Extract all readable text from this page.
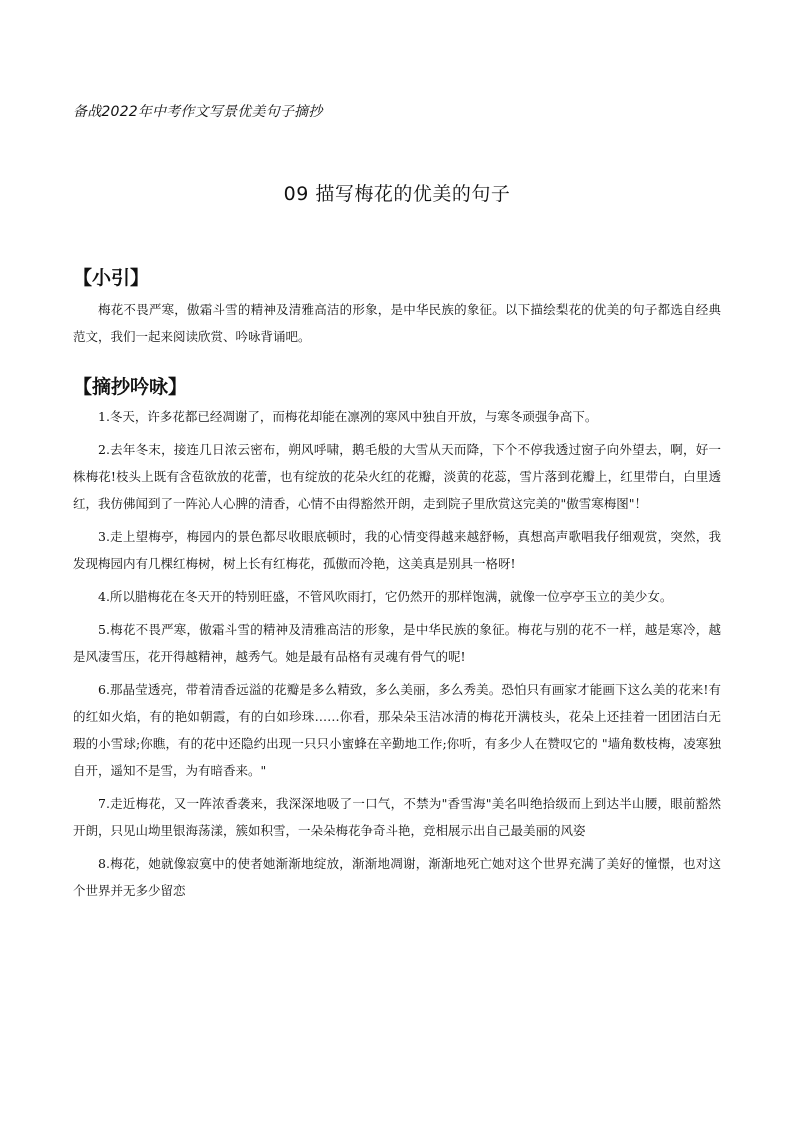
备战2022年中考作文写景优美句子摘抄
09 描写梅花的优美的句子
【小引】

梅花不畏严寒，傲霜斗雪的精神及清雅高洁的形象，是中华民族的象征。以下描绘梨花的优美的句子都选自经典范文，我们一起来阅读欣赏、吟咏背诵吧。

【摘抄吟咏】
1.冬天，许多花都已经凋谢了，而梅花却能在凛冽的寒风中独自开放，与寒冬顽强争高下。
2.去年冬末，接连几日浓云密布，朔风呼啸，鹅毛般的大雪从天而降，下个不停我透过窗子向外望去，啊，好一株梅花!枝头上既有含苞欲放的花蕾，也有绽放的花朵火红的花瓣，淡黄的花蕊，雪片落到花瓣上，红里带白，白里透红，我仿佛闻到了一阵沁人心脾的清香，心情不由得豁然开朗，走到院子里欣赏这完美的"傲雪寒梅图"！
3.走上望梅亭，梅园内的景色都尽收眼底顿时，我的心情变得越来越舒畅，真想高声歌唱我仔细观赏，突然，我发现梅园内有几棵红梅树，树上长有红梅花，孤傲而冷艳，这美真是别具一格呀!
4.所以腊梅花在冬天开的特别旺盛，不管风吹雨打，它仍然开的那样饱满，就像一位亭亭玉立的美少女。
5.梅花不畏严寒，傲霜斗雪的精神及清雅高洁的形象，是中华民族的象征。梅花与别的花不一样，越是寒冷，越是风凄雪压，花开得越精神，越秀气。她是最有品格有灵魂有骨气的呢!
6.那晶莹透亮，带着清香远溢的花瓣是多么精致，多么美丽，多么秀美。恐怕只有画家才能画下这么美的花来!有的红如火焰，有的艳如朝霞，有的白如珍珠……你看，那朵朵玉洁冰清的梅花开满枝头，花朵上还挂着一团团洁白无瑕的小雪球;你瞧，有的花中还隐约出现一只只小蜜蜂在辛勤地工作;你听，有多少人在赞叹它的 "墙角数枝梅，凌寒独自开，遥知不是雪，为有暗香来。"
7.走近梅花，又一阵浓香袭来，我深深地吸了一口气，不禁为"香雪海"美名叫绝拾级而上到达半山腰，眼前豁然开朗，只见山坳里银海荡漾，簇如积雪，一朵朵梅花争奇斗艳，竞相展示出自己最美丽的风姿
8.梅花，她就像寂寞中的使者她渐渐地绽放，渐渐地凋谢，渐渐地死亡她对这个世界充满了美好的憧憬，也对这个世界并无多少留恋
